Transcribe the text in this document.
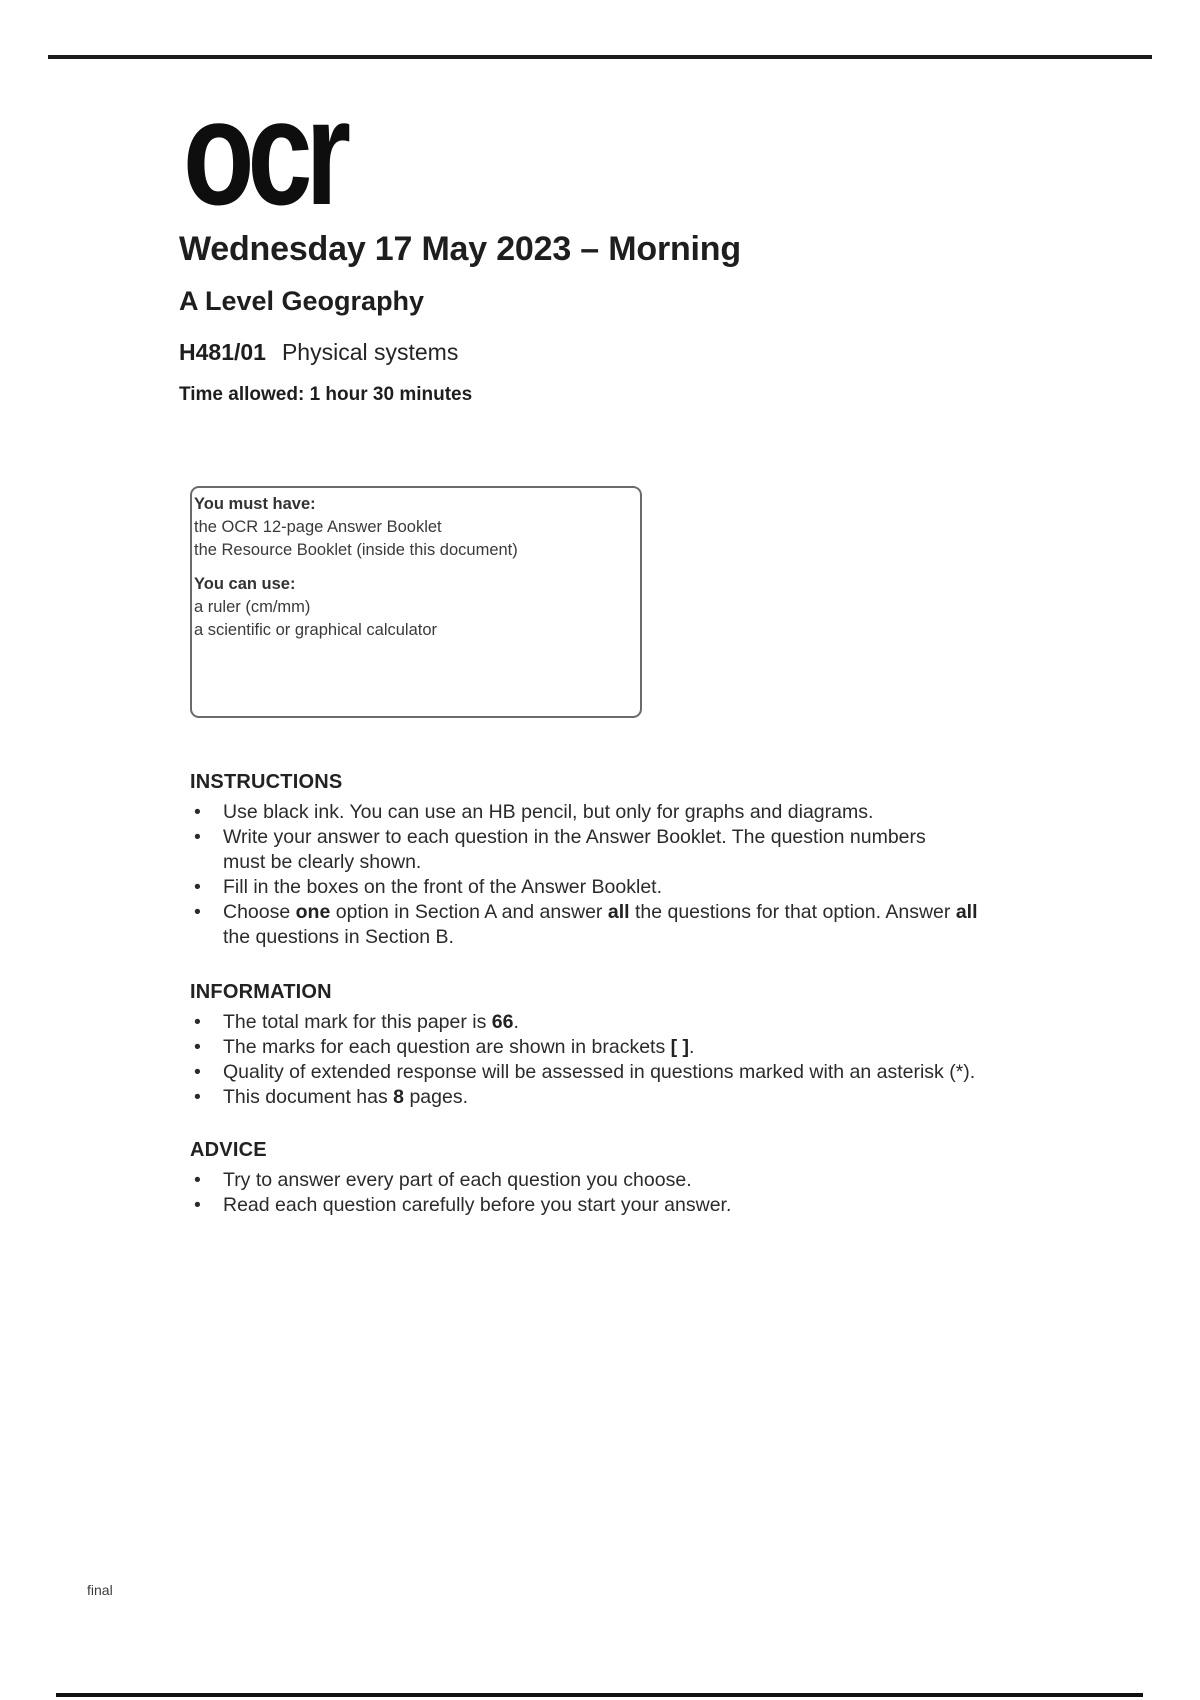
ocr
Wednesday 17 May 2023 – Morning
A Level Geography
H481/01 Physical systems
Time allowed: 1 hour 30 minutes
You must have:
the OCR 12-page Answer Booklet
the Resource Booklet (inside this document)
You can use:
a ruler (cm/mm)
a scientific or graphical calculator
INSTRUCTIONS
•	Use black ink. You can use an HB pencil, but only for graphs and diagrams.
•	Write your answer to each question in the Answer Booklet. The question numbers
must be clearly shown.
•	Fill in the boxes on the front of the Answer Booklet.
•	Choose one option in Section A and answer all the questions for that option. Answer all
the questions in Section B.
INFORMATION
•	The total mark for this paper is 66.
•	The marks for each question are shown in brackets [ ].
•	Quality of extended response will be assessed in questions marked with an asterisk (*).
•	This document has 8 pages.
ADVICE
•	Try to answer every part of each question you choose.
•	Read each question carefully before you start your answer.
final
